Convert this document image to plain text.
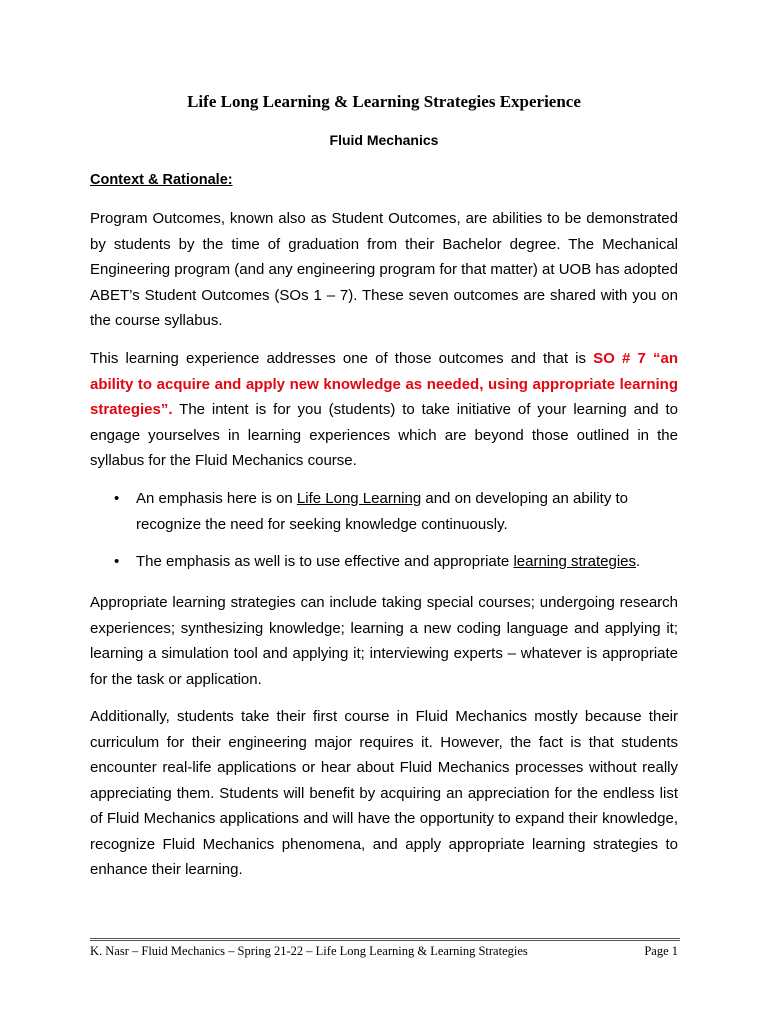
Life Long Learning & Learning Strategies Experience
Fluid Mechanics
Context & Rationale:

Program Outcomes, known also as Student Outcomes, are abilities to be demonstrated by students by the time of graduation from their Bachelor degree. The Mechanical Engineering program (and any engineering program for that matter) at UOB has adopted ABET’s Student Outcomes (SOs 1 – 7). These seven outcomes are shared with you on the course syllabus.

This learning experience addresses one of those outcomes and that is SO # 7 “an ability to acquire and apply new knowledge as needed, using appropriate learning strategies”. The intent is for you (students) to take initiative of your learning and to engage yourselves in learning experiences which are beyond those outlined in the syllabus for the Fluid Mechanics course.

• An emphasis here is on Life Long Learning and on developing an ability to recognize the need for seeking knowledge continuously.
• The emphasis as well is to use effective and appropriate learning strategies.

Appropriate learning strategies can include taking special courses; undergoing research experiences; synthesizing knowledge; learning a new coding language and applying it; learning a simulation tool and applying it; interviewing experts – whatever is appropriate for the task or application.

Additionally, students take their first course in Fluid Mechanics mostly because their curriculum for their engineering major requires it. However, the fact is that students encounter real-life applications or hear about Fluid Mechanics processes without really appreciating them. Students will benefit by acquiring an appreciation for the endless list of Fluid Mechanics applications and will have the opportunity to expand their knowledge, recognize Fluid Mechanics phenomena, and apply appropriate learning strategies to enhance their learning.

K. Nasr – Fluid Mechanics – Spring 21-22 – Life Long Learning & Learning Strategies	Page 1
